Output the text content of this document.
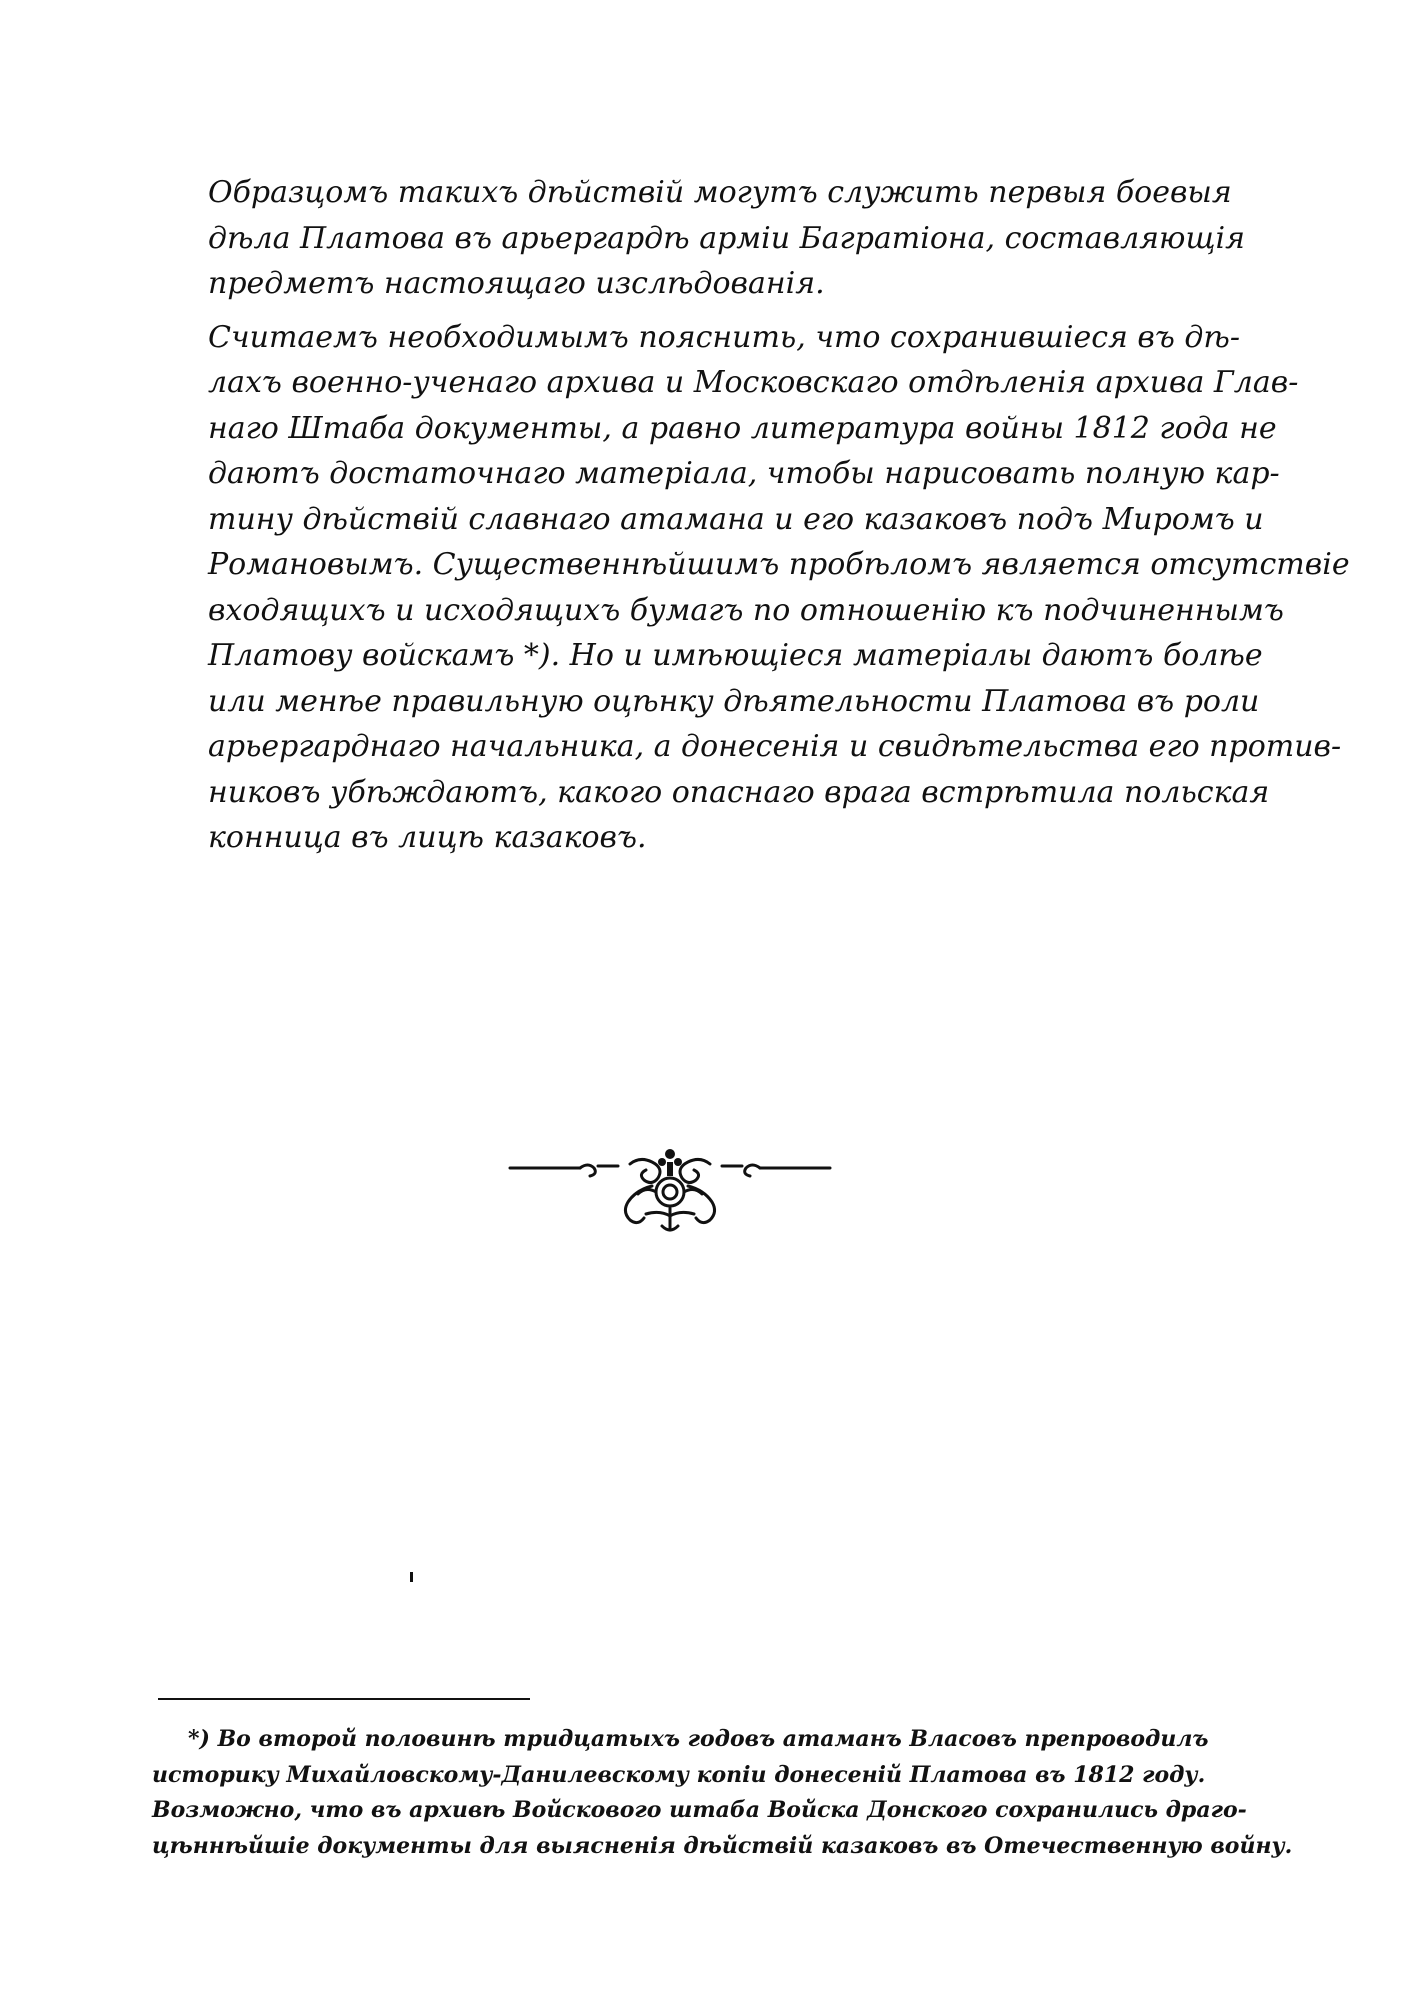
Образцомъ такихъ дѣйствій могутъ служить первыя боевыя
дѣла Платова въ арьергардѣ арміи Багратіона, составляющія
предметъ настоящаго изслѣдованія.

Считаемъ необходимымъ пояснить, что сохранившіеся въ дѣ-
лахъ военно-ученаго архива и Московскаго отдѣленія архива Глав-
наго Штаба документы, а равно литература войны 1812 года не
даютъ достаточнаго матеріала, чтобы нарисовать полную кар-
тину дѣйствій славнаго атамана и его казаковъ подъ Миромъ и
Романовымъ. Существеннѣйшимъ пробѣломъ является отсутствіе
входящихъ и исходящихъ бумагъ по отношенію къ подчиненнымъ
Платову войскамъ *). Но и имѣющіеся матеріалы даютъ болѣе
или менѣе правильную оцѣнку дѣятельности Платова въ роли
арьергарднаго начальника, а донесенія и свидѣтельства его против-
никовъ убѣждаютъ, какого опаснаго врага встрѣтила польская
конница въ лицѣ казаковъ.

*) Во второй половинѣ тридцатыхъ годовъ атаманъ Власовъ препроводилъ
историку Михайловскому-Данилевскому копіи донесеній Платова въ 1812 году.
Возможно, что въ архивѣ Войскового штаба Войска Донского сохранились драго-
цѣннѣйшіе документы для выясненія дѣйствій казаковъ въ Отечественную войну.
